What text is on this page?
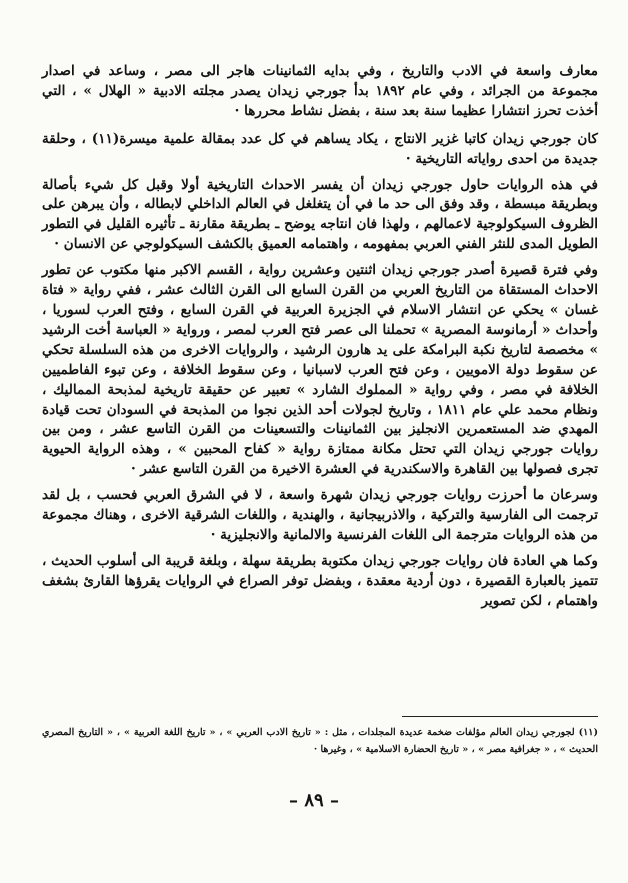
معارف واسعة في الادب والتاريخ ، وفي بدايه الثمانينات هاجر الى مصر ، وساعد في اصدار مجموعة من الجرائد ، وفي عام ١٨٩٢ بدأ جورجي زيدان يصدر مجلته الادبية « الهلال » ، التي أخذت تحرز انتشارا عظيما سنة بعد سنة ، بفضل نشاط محررها ·

كان جورجي زيدان كاتبا غزير الانتاج ، يكاد يساهم في كل عدد بمقالة علمية ميسرة(١١) ، وحلقة جديدة من احدى رواياته التاريخية ·

في هذه الروايات حاول جورجي زيدان أن يفسر الاحداث التاريخية أولا وقبل كل شيء بأصالة وبطريقة مبسطة ، وقد وفق الى حد ما في أن يتغلغل في العالم الداخلي لابطاله ، وأن يبرهن على الظروف السيكولوجية لاعمالهم ، ولهذا فان انتاجه يوضح ـ بطريقة مقارنة ـ تأثيره القليل في التطور الطويل المدى للنثر الفني العربي بمفهومه ، واهتمامه العميق بالكشف السيكولوجي عن الانسان ·

وفي فترة قصيرة أصدر جورجي زيدان اثنتين وعشرين رواية ، القسم الاكبر منها مكتوب عن تطور الاحداث المستقاة من التاريخ العربي من القرن السابع الى القرن الثالث عشر ، ففي رواية « فتاة غسان » يحكي عن انتشار الاسلام في الجزيرة العربية في القرن السابع ، وفتح العرب لسوريا ، وأحداث « أرمانوسة المصرية » تحملنا الى عصر فتح العرب لمصر ، ورواية « العباسة أخت الرشيد » مخصصة لتاريخ نكبة البرامكة على يد هارون الرشيد ، والروايات الاخرى من هذه السلسلة تحكي عن سقوط دولة الامويين ، وعن فتح العرب لاسبانيا ، وعن سقوط الخلافة ، وعن تبوء الفاطميين الخلافة في مصر ، وفي رواية « المملوك الشارد » تعبير عن حقيقة تاريخية لمذبحة المماليك ، ونظام محمد علي عام ١٨١١ ، وتاريخ لجولات أحد الذين نجوا من المذبحة في السودان تحت قيادة المهدي ضد المستعمرين الانجليز بين الثمانينات والتسعينات من القرن التاسع عشر ، ومن بين روايات جورجي زيدان التي تحتل مكانة ممتازة رواية « كفاح المحبين » ، وهذه الرواية الحيوية تجرى فصولها بين القاهرة والاسكندرية في العشرة الاخيرة من القرن التاسع عشر ·

وسرعان ما أحرزت روايات جورجي زيدان شهرة واسعة ، لا في الشرق العربي فحسب ، بل لقد ترجمت الى الفارسية والتركية ، والاذربيجانية ، والهندية ، واللغات الشرقية الاخرى ، وهناك مجموعة من هذه الروايات مترجمة الى اللغات الفرنسية والالمانية والانجليزية ·

وكما هي العادة فان روايات جورجي زيدان مكتوبة بطريقة سهلة ، وبلغة قريبة الى أسلوب الحديث ، تتميز بالعبارة القصيرة ، دون أردية معقدة ، وبفضل توفر الصراع في الروايات يقرؤها القارئ بشغف واهتمام ، لكن تصوير

(١١) لجورجي زيدان العالم مؤلفات ضخمة عديدة المجلدات ، مثل : « تاريخ الادب العربي » ، « تاريخ اللغة العربية » ، « التاريخ المصري الحديث » ، « جغرافية مصر » ، « تاريخ الحضارة الاسلامية » ، وغيرها ·
– ٨٩ –
